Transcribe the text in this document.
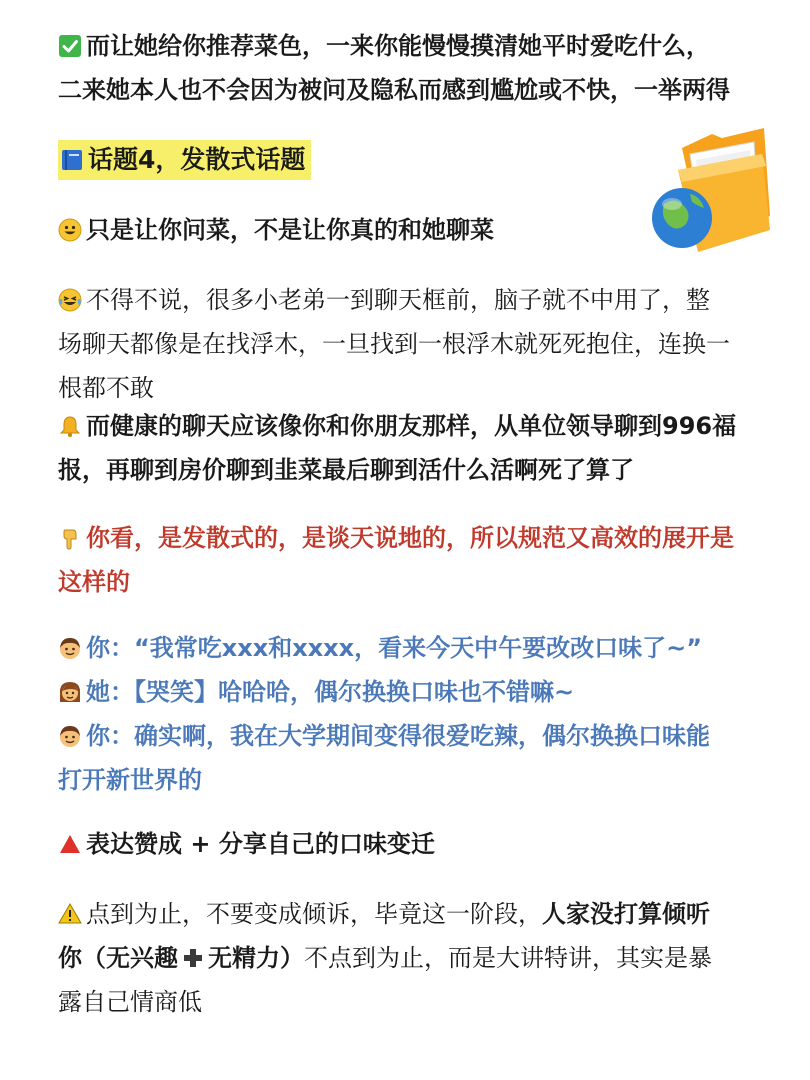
而让她给你推荐菜色，一来你能慢慢摸清她平时爱吃什么，
二来她本人也不会因为被问及隐私而感到尴尬或不快，一举两得
话题4，发散式话题
只是让你问菜，不是让你真的和她聊菜
不得不说，很多小老弟一到聊天框前，脑子就不中用了，整
场聊天都像是在找浮木，一旦找到一根浮木就死死抱住，连换一
根都不敢
而健康的聊天应该像你和你朋友那样，从单位领导聊到996福
报，再聊到房价聊到韭菜最后聊到活什么活啊死了算了
你看，是发散式的，是谈天说地的，所以规范又高效的展开是
这样的
你：“我常吃xxx和xxxx，看来今天中午要改改口味了~”
她：【哭笑】哈哈哈，偶尔换换口味也不错嘛~
你：确实啊，我在大学期间变得很爱吃辣，偶尔换换口味能
打开新世界的
表达赞成 + 分享自己的口味变迁
点到为止，不要变成倾诉，毕竟这一阶段，人家没打算倾听
你（无兴趣 无精力）不点到为止，而是大讲特讲，其实是暴
露自己情商低
